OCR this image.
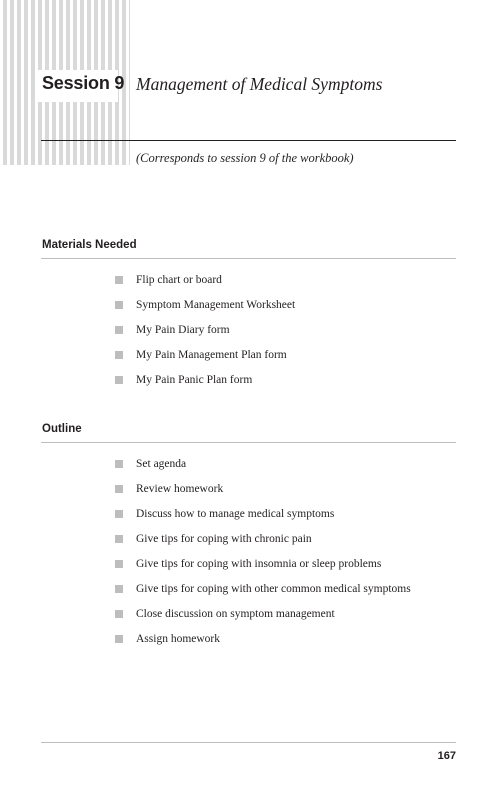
Session 9 Management of Medical Symptoms
(Corresponds to session 9 of the workbook)
Materials Needed
Flip chart or board
Symptom Management Worksheet
My Pain Diary form
My Pain Management Plan form
My Pain Panic Plan form
Outline
Set agenda
Review homework
Discuss how to manage medical symptoms
Give tips for coping with chronic pain
Give tips for coping with insomnia or sleep problems
Give tips for coping with other common medical symptoms
Close discussion on symptom management
Assign homework
167
